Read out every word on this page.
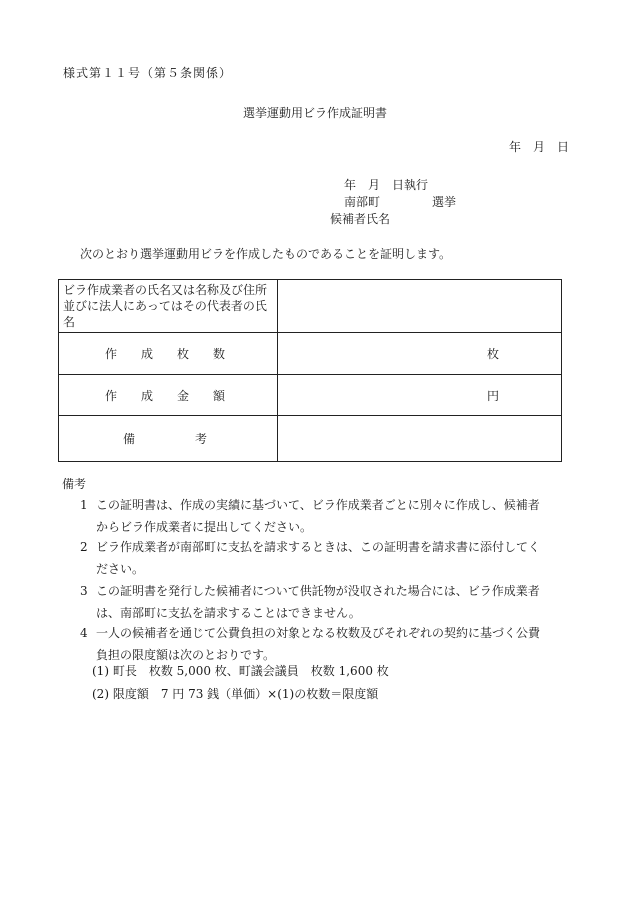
様式第１１号（第５条関係）
選挙運動用ビラ作成証明書
年　月　日
年　月　日執行
南部町	選挙
候補者氏名
次のとおり選挙運動用ビラを作成したものであることを証明します。
ビラ作成業者の氏名又は名称及び住所並びに法人にあってはその代表者の氏名	
作　成　枚　数	枚
作　成　金　額	円
備　　　考	
備考
1 この証明書は、作成の実績に基づいて、ビラ作成業者ごとに別々に作成し、候補者
からビラ作成業者に提出してください。
2 ビラ作成業者が南部町に支払を請求するときは、この証明書を請求書に添付してく
ださい。
3 この証明書を発行した候補者について供託物が没収された場合には、ビラ作成業者
は、南部町に支払を請求することはできません。
4 一人の候補者を通じて公費負担の対象となる枚数及びそれぞれの契約に基づく公費
負担の限度額は次のとおりです。
(1) 町長　枚数 5,000 枚、町議会議員　枚数 1,600 枚
(2) 限度額　7 円 73 銭（単価）×(1)の枚数＝限度額
